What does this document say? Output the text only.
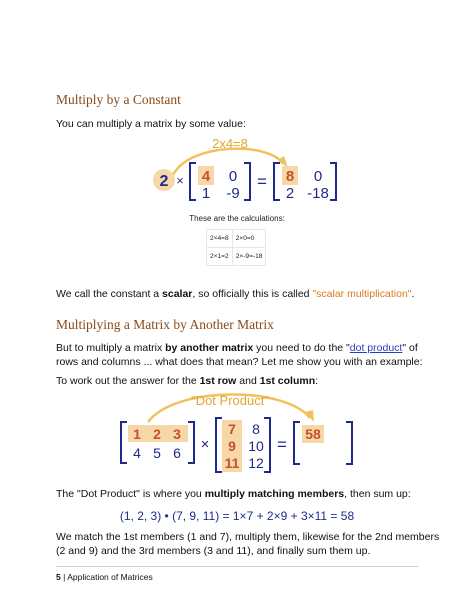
Multiply by a Constant
You can multiply a matrix by some value:
2x4=8
2 × 4 0
1 -9
= 8 0
2 -18
These are the calculations:
2×4=8	2×0=0
2×1=2	2×-9=-18
We call the constant a scalar, so officially this is called "scalar multiplication".
Multiplying a Matrix by Another Matrix
But to multiply a matrix by another matrix you need to do the "dot product" of
rows and columns ... what does that mean? Let me show you with an example:
To work out the answer for the 1st row and 1st column:
"Dot Product"
1 2 3
4 5 6 ×
7 8
9 10
11 12
=
58
The "Dot Product" is where you multiply matching members, then sum up:
(1, 2, 3) • (7, 9, 11) = 1×7 + 2×9 + 3×11 = 58
We match the 1st members (1 and 7), multiply them, likewise for the 2nd members
(2 and 9) and the 3rd members (3 and 11), and finally sum them up.
5 | Application of Matrices
